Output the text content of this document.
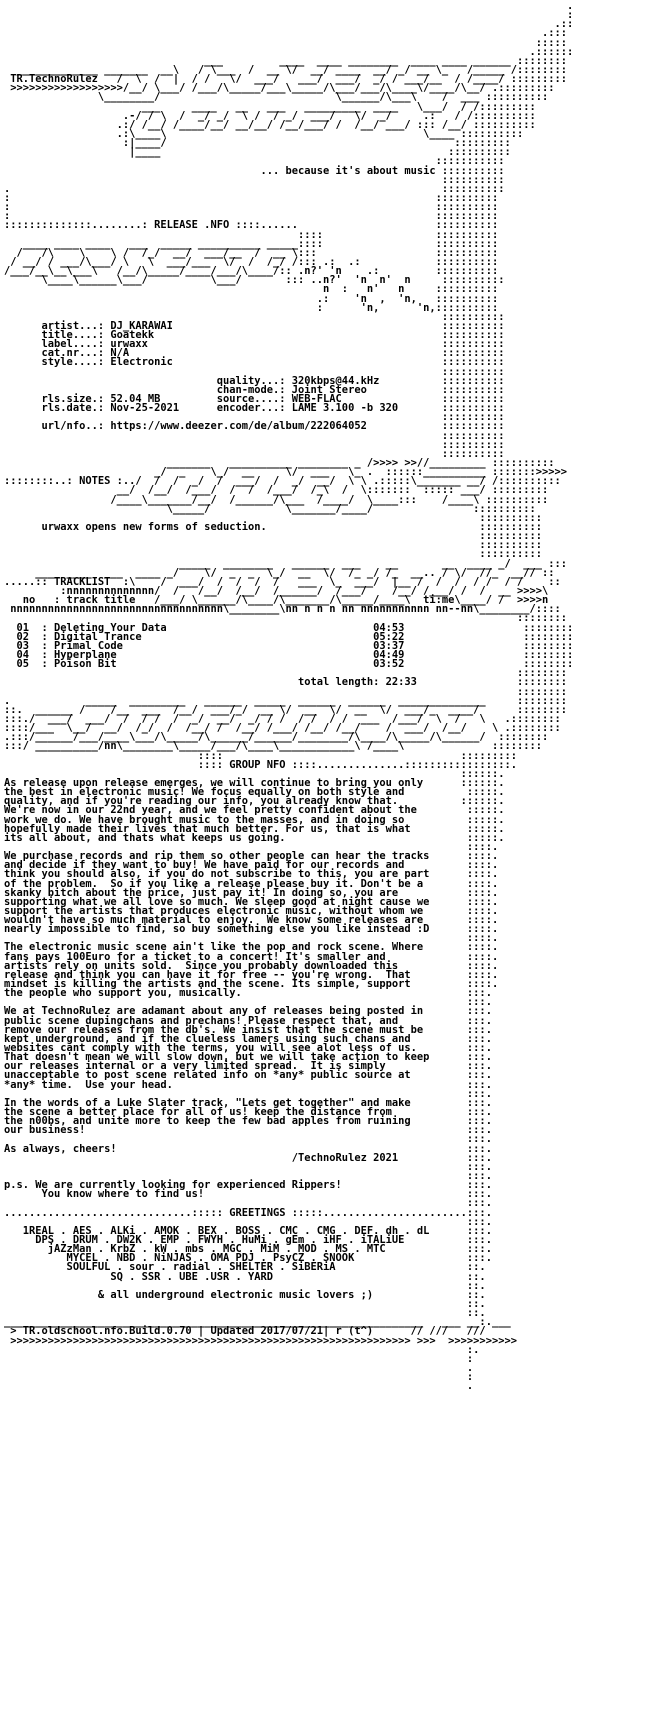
.
:
.::
.:::
:::::
.::::::
___         ____  ____ ________  ____ ____ ______ ::::::::
_____________ _______  __\   / \___  /  __ \/  __/ ____  __/ _/ __ \_   /_____ /::::::::
TR.TechnoRulez   /  \  /  |  / /   \/  ___/   ___/  ___/  _/ / ___/__  / /____/ :::::::::
>>>>>>>>>>>>>>>>>>/__/ \___/ /___/\_____/___\_____/\___/___/\____\/____/\__/ .:::::::::
\________/                            \______/\___\    /  ___ ::::::::::
___     ____   __   ___   _________  ____   \___/  / /:::::::::
.-/ / \  /  _/ _/  \ /  / _/  ___/   \/  _/     .:   / /::::::::::
.:/ /__/ /____/__/ __/__/ /__/___/ /  /__/ ___/ ::: /__/ ::::::::::
.:\____\                                         \____ ::::::::::
:|____/                                              :::::::::
|____                                              ::::::::::
:::::::::::
... because it's about music ::::::::::
::::::::::
.                                                                     ::::::::::
:                                                                    ::::::::::
:                                                                    ::::::::::
:                                                                    ::::::::::
::::::::::::::........: RELEASE .NFO ::::......                      ::::::::::
::::                  ::::::::::
____ ____ ____   ___  _____ __________ _____::::                  ::::::::::
/   /\    \    \ /  /_/  __/  ___/__  /  __ \:::                   ::::::::::
/ __/ / ___/\___/ \   \  ___/___  \/  /  /_/ /::: .:  .:            ::::::::::
/___/__\__\___\   /__/\_____/____/___/\____/:: .n?' 'n    .:         ::::::::::
\____\______\___/          \___/       ::: ..n?'  'n  n'  n     ::::::::::
n  :   n'   n     ::::::::::
.:    'n  ,  'n,   ::::::::::
:      'n,      'n,::::::::::
::::::::::
artist...: DJ_KARAWAI                                           ::::::::::
title....: Goatekk                                              ::::::::::
label....: urwaxx                                               ::::::::::
cat.nr...: N/A                                                  ::::::::::
style....: Electronic                                           ::::::::::
::::::::::
quality...: 320kbps@44.kHz          ::::::::::
chan-mode.: Joint Stereo            ::::::::::
rls.size.: 52.04 MB         source....: WEB-FLAC                ::::::::::
rls.date.: Nov-25-2021      encoder...: LAME 3.100 -b 320       ::::::::::
::::::::::
url/nfo..: https://www.deezer.com/de/album/222064052            ::::::::::
::::::::::
::::::::::
::::::::::
_______   __________ ________ _ />>>> >>//_________ ::::::::::
_/  _    \_/  __     \/  ___   \_ .  ::::::__________ :::::::>>>>>
::::::::..: NOTES :../  /  /  _/  /  ___/  /  _/  __/  \ \ .:::::\_______ __/ /::::::::::
__/  /__/  /___/  /  /  /___/  /_\  /  \:::::::  ::::: ___/ :::::::::
/____\_______/__/  /______/\___  /____/  \____:::    /____\ ::::::::::
\_____/            \_______/____/                ::::::::::
::::::::::
urwaxx opens new forms of seduction.                                  ::::::::::
::::::::::
::::::::::
::::::::::
_____  ________   ______  ___    __       __  ____ _/  ___ :::
____ ____  ___  ____ _/    \/  _  _  \_/  __  \/  /_ _/ /_  __.. / \/  //_  __// ::
.....:: TRACKLIST  :\    /  ___/  /  /  /  /   ___  \_  ___/  |__ /  /  /  / /  / /    ::
:nnnnnnnnnnnnnn/  /   /__/  /__/  /______/  /___/    /__/ /___/ /  /  __ >>>>\
no   : track title   /___/ \______/\____/\_______/\_____/____\  ti:me\____/ /  >>>>n
nnnnnnnnnnnnnnnnnnnnnnnnnnnnnnnnnn\________\nn n n n nn nnnnnnnnnnn nn--nn\________/::::
::::::::
01  : Deleting Your Data                                 04:53                   ::::::::
02  : Digital Trance                                     05:22                   ::::::::
03  : Primal Code                                        03:37                   ::::::::
04  : Hyperplane                                         04:49                   ::::::::
05  : Poison Bit                                         03:52                   ::::::::
::::::::
total length: 22:33                ::::::::
::::::::
.            _____  _________   ______  _____  ______  ______  ______________     ::::::::
::.  ______ /    /__  ___  /__/  ___/_/  __ \/  __  \/  __  \/  ___/_  ____/      ::::::::
:::./  ___/  ___/  /  / /  /  _/  __/  _/ / /  / /  / /  ___  /___/  \  /   \   .::::::::
::::/___  \__/  __/  /_/  /  /__/ /  /__/ /___/ /__/ /__/    /  ___/  /__/    \ .::::::::
.:::/______/___/____\___/\_____/\______/______/________/\____/\_____/\______/  ::::::::
:::/ __________/nn\________\_____/___/\____\____________\ /____\              ::::::::
::::                                      :::::::::
:::: GROUP NFO ::::..............:::::::::::::::::.
::::::.
As release upon release emerges, we will continue to bring you only      ::::::.
the best in electronic music! We focus equally on both style and          :::::.
quality, and if you're reading our info, you already know that.          ::::::.
We're now in our 22nd year, and we feel pretty confident about the        :::::.
work we do. We have brought music to the masses, and in doing so          :::::.
hopefully made their lives that much better. For us, that is what         :::::.
its all about, and thats what keeps us going.                             :::::.
::::.
We purchase records and rip them so other people can hear the tracks      ::::.
and decide if they want to buy! We have paid for our records and          ::::.
think you should also, if you do not subscribe to this, you are part      ::::.
of the problem.  So if you like a release please buy it. Don't be a       ::::.
skanky bitch about the price, just pay it! In doing so, you are           ::::.
supporting what we all love so much. We sleep good at night cause we      ::::.
support the artists that produces electronic music, without whom we       ::::.
wouldn't have so much material to enjoy.  We know some releases are       ::::.
nearly impossible to find, so buy something else you like instead :D      ::::.
::::.
The electronic music scene ain't like the pop and rock scene. Where       ::::.
fans pays 100Euro for a ticket to a concert! It's smaller and             ::::.
artists rely on units sold.  Since you probably downloaded this           ::::.
release and think you can have it for free -- you're wrong.  That         ::::.
mindset is killing the artists and the scene. Its simple, support         ::::.
the people who support you, musically.                                    :::.
:::.
We at TechnoRulez are adamant about any of releases being posted in       :::.
public scene dupingchans and prechans! Please respect that, and           :::.
remove our releases from the db's. We insist that the scene must be       :::.
kept underground, and if the clueless lamers using such chans and         :::.
websites cant comply with the terms, you will see alot less of us.        :::.
That doesn't mean we will slow down, but we will take action to keep      :::.
our releases internal or a very limited spread.  It is simply             :::.
unacceptable to post scene related info on *any* public source at         :::.
*any* time.  Use your head.                                               :::.
:::.
In the words of a Luke Slater track, "Lets get together" and make         :::.
the scene a better place for all of us! keep the distance from            :::.
the n00bs, and unite more to keep the few bad apples from ruining         :::.
our business!                                                             :::.
:::.
As always, cheers!                                                        :::.
/TechnoRulez 2021           :::.
:::.
:::.
p.s. We are currently looking for experienced Rippers!                    :::.
You know where to find us!                                          :::.
:::.
..............................::::: GREETINGS :::::.......................:::.
:::.
1REAL . AES . ALKi . AMOK . BEX . BOSS . CMC . CMG . DEF. dh . dL      :::.
DPS . DRUM . DW2K . EMP . FWYH . HuMi . gEm . iHF . iTALiUE          :::.
jAZzMan . KrbZ . kW . mbs . MGC . MiM . MOD . MS . MTC             :::.
MYCEL . NBD . NiNJAS . OMA PDJ . PsyCZ . SNOOK                  :::.
SOULFUL . sour . radial . SHELTER . SiBERiA                     ::.
SQ . SSR . UBE .USR . YARD                               ::.
::.
& all underground electronic music lovers ;)               ::.
::.
::.
___________________________________________________________________   ___ __:.___
> TR.oldschool.nfo.Build.0.70 | Updated 2017/07/21| r (t^)      // ///   ///
>>>>>>>>>>>>>>>>>>>>>>>>>>>>>>>>>>>>>>>>>>>>>>>>>>>>>>>>>>>>>>>> >>>  >>>>>>>>>>>
:.
:
.
:
.
